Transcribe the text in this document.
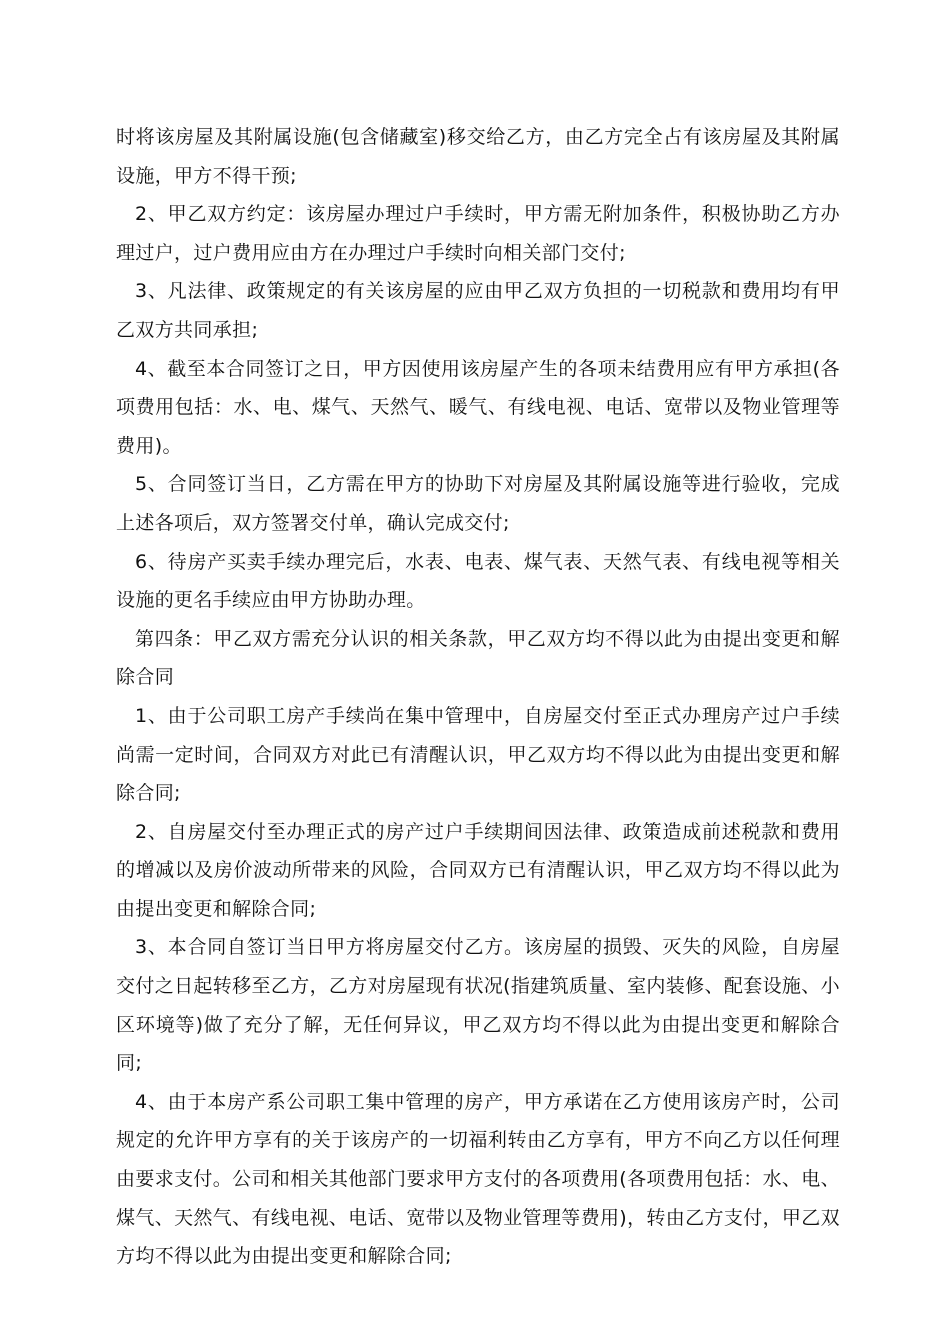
时将该房屋及其附属设施(包含储藏室)移交给乙方，由乙方完全占有该房屋及其附属设施，甲方不得干预;

2、甲乙双方约定：该房屋办理过户手续时，甲方需无附加条件，积极协助乙方办理过户，过户费用应由方在办理过户手续时向相关部门交付;

3、凡法律、政策规定的有关该房屋的应由甲乙双方负担的一切税款和费用均有甲乙双方共同承担;

4、截至本合同签订之日，甲方因使用该房屋产生的各项未结费用应有甲方承担(各项费用包括：水、电、煤气、天然气、暖气、有线电视、电话、宽带以及物业管理等费用)。

5、合同签订当日，乙方需在甲方的协助下对房屋及其附属设施等进行验收，完成上述各项后，双方签署交付单，确认完成交付;

6、待房产买卖手续办理完后，水表、电表、煤气表、天然气表、有线电视等相关设施的更名手续应由甲方协助办理。

第四条：甲乙双方需充分认识的相关条款，甲乙双方均不得以此为由提出变更和解除合同

1、由于公司职工房产手续尚在集中管理中，自房屋交付至正式办理房产过户手续尚需一定时间，合同双方对此已有清醒认识，甲乙双方均不得以此为由提出变更和解除合同;

2、自房屋交付至办理正式的房产过户手续期间因法律、政策造成前述税款和费用的增减以及房价波动所带来的风险，合同双方已有清醒认识，甲乙双方均不得以此为由提出变更和解除合同;

3、本合同自签订当日甲方将房屋交付乙方。该房屋的损毁、灭失的风险，自房屋交付之日起转移至乙方，乙方对房屋现有状况(指建筑质量、室内装修、配套设施、小区环境等)做了充分了解，无任何异议，甲乙双方均不得以此为由提出变更和解除合同;

4、由于本房产系公司职工集中管理的房产，甲方承诺在乙方使用该房产时，公司规定的允许甲方享有的关于该房产的一切福利转由乙方享有，甲方不向乙方以任何理由要求支付。公司和相关其他部门要求甲方支付的各项费用(各项费用包括：水、电、煤气、天然气、有线电视、电话、宽带以及物业管理等费用)，转由乙方支付，甲乙双方均不得以此为由提出变更和解除合同;
